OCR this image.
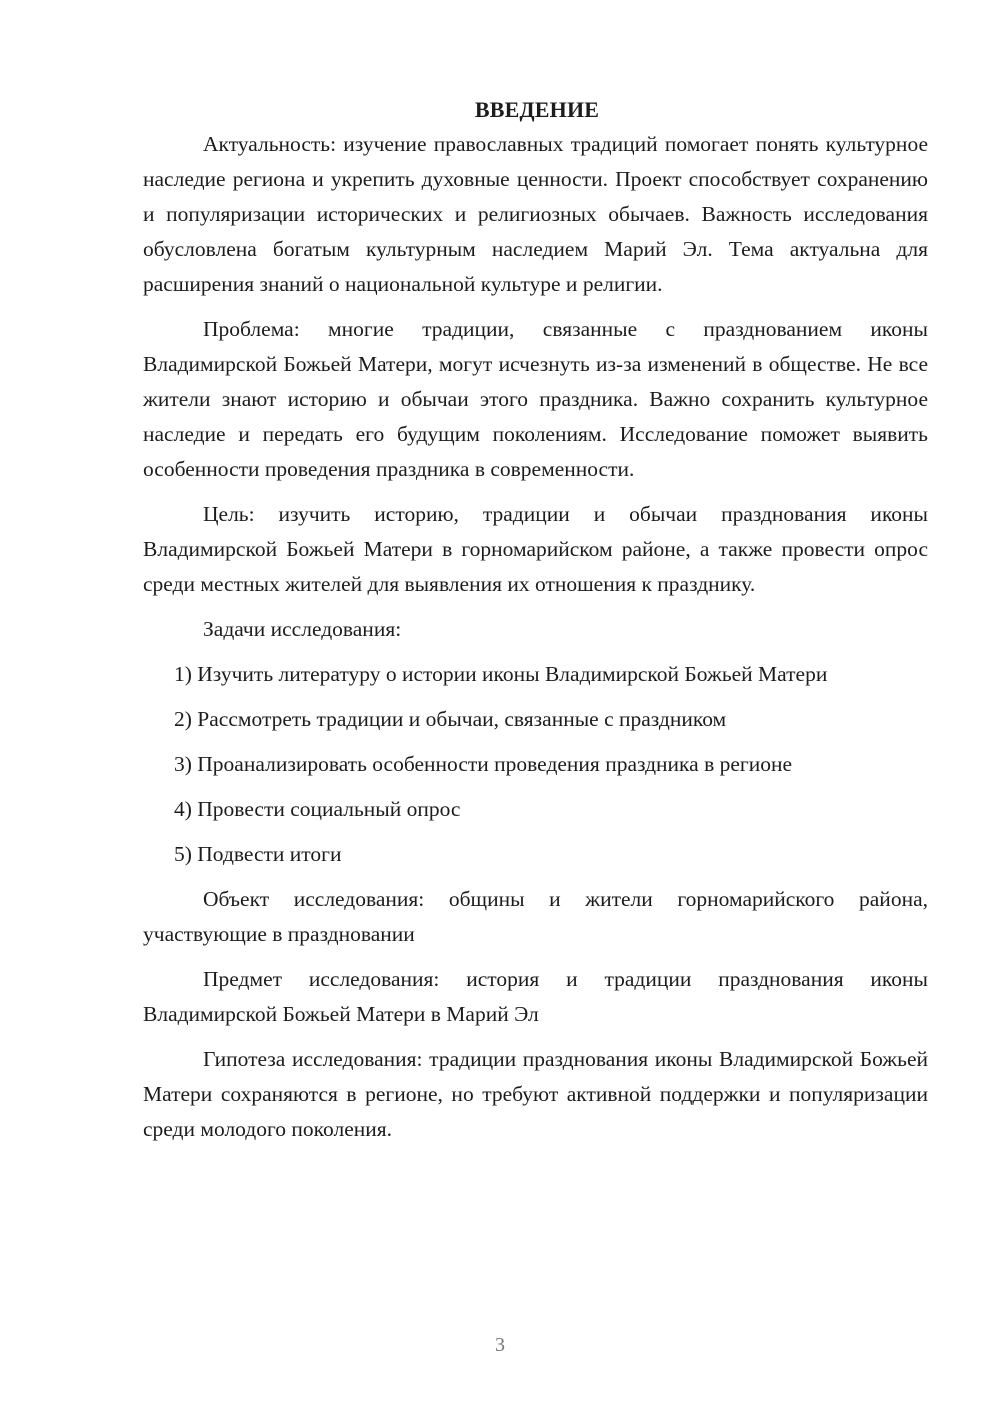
ВВЕДЕНИЕ

Актуальность: изучение православных традиций помогает понять культурное наследие региона и укрепить духовные ценности. Проект способствует сохранению и популяризации исторических и религиозных обычаев. Важность исследования обусловлена богатым культурным наследием Марий Эл. Тема актуальна для расширения знаний о национальной культуре и религии.

Проблема: многие традиции, связанные с празднованием иконы Владимирской Божьей Матери, могут исчезнуть из-за изменений в обществе. Не все жители знают историю и обычаи этого праздника. Важно сохранить культурное наследие и передать его будущим поколениям. Исследование поможет выявить особенности проведения праздника в современности.

Цель: изучить историю, традиции и обычаи празднования иконы Владимирской Божьей Матери в горномарийском районе, а также провести опрос среди местных жителей для выявления их отношения к празднику.

Задачи исследования:

1) Изучить литературу о истории иконы Владимирской Божьей Матери

2) Рассмотреть традиции и обычаи, связанные с праздником

3) Проанализировать особенности проведения праздника в регионе

4) Провести социальный опрос

5) Подвести итоги

Объект исследования: общины и жители горномарийского района, участвующие в праздновании

Предмет исследования: история и традиции празднования иконы Владимирской Божьей Матери в Марий Эл

Гипотеза исследования: традиции празднования иконы Владимирской Божьей Матери сохраняются в регионе, но требуют активной поддержки и популяризации среди молодого поколения.

3
